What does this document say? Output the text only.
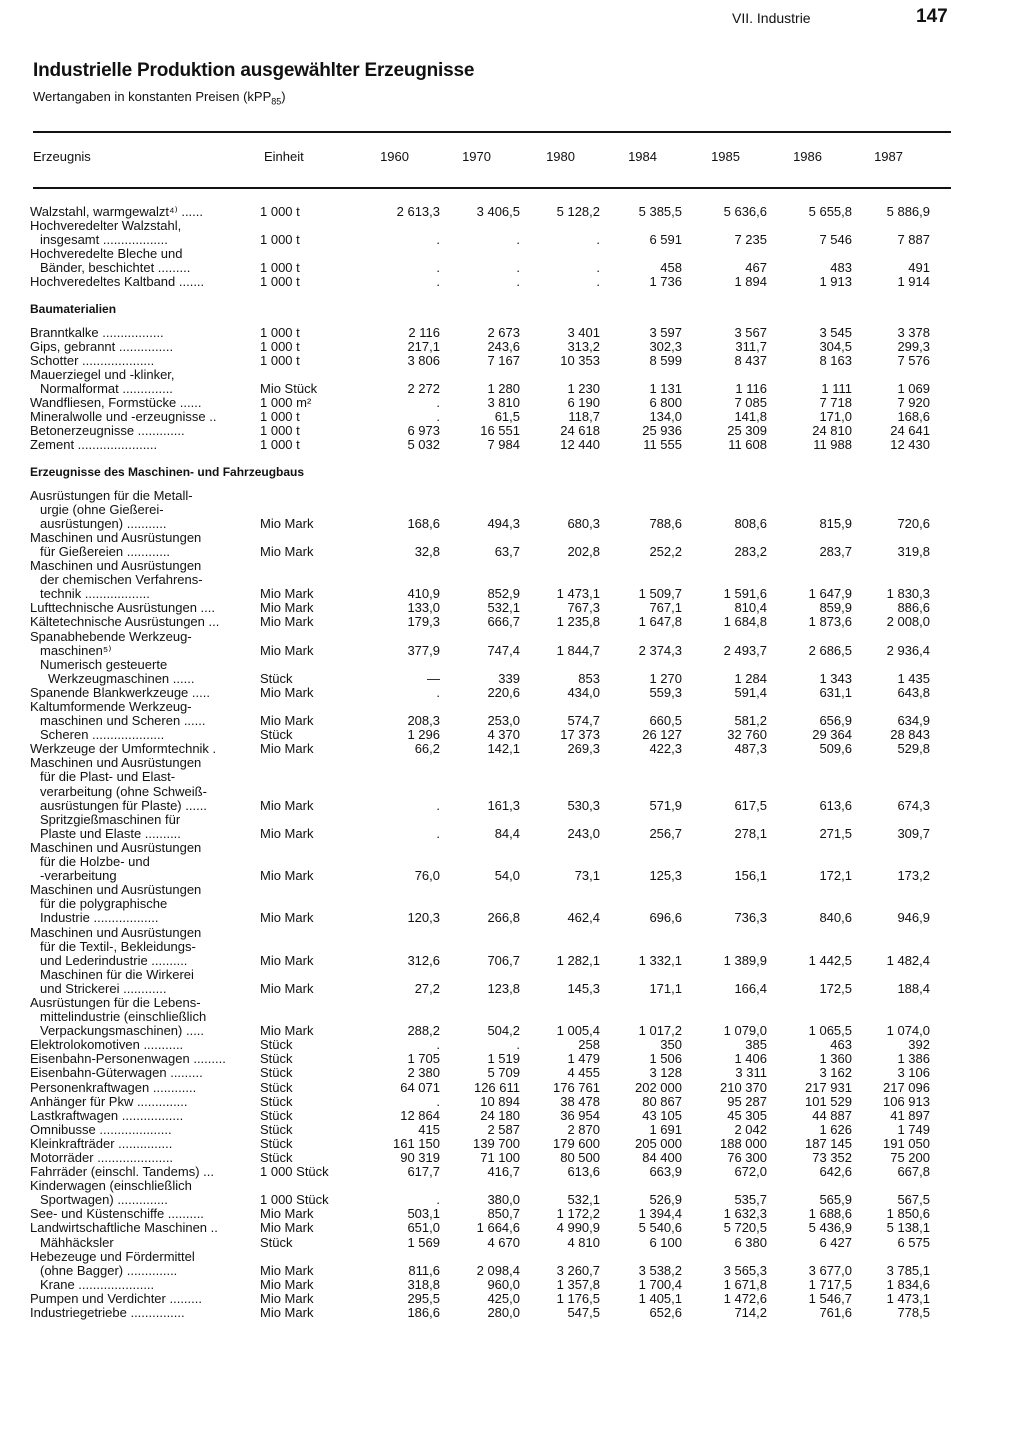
VII. Industrie	147
Industrielle Produktion ausgewählter Erzeugnisse
Wertangaben in konstanten Preisen (kPP$_{85}$)
Erzeugnis	Einheit	1960	1970	1980	1984	1985	1986	1987
Walzstahl, warmgewalzt⁴⁾ ......	1 000 t	2 613,3	3 406,5	5 128,2	5 385,5	5 636,6	5 655,8	5 886,9
Hochveredelter Walzstahl,								
insgesamt ..................	1 000 t	.	.	.	6 591	7 235	7 546	7 887
Hochveredelte Bleche und								
Bänder, beschichtet .........	1 000 t	.	.	.	458	467	483	491
Hochveredeltes Kaltband .......	1 000 t	.	.	.	1 736	1 894	1 913	1 914
Baumaterialien								
Branntkalke .................	1 000 t	2 116	2 673	3 401	3 597	3 567	3 545	3 378
Gips, gebrannt ...............	1 000 t	217,1	243,6	313,2	302,3	311,7	304,5	299,3
Schotter ....................	1 000 t	3 806	7 167	10 353	8 599	8 437	8 163	7 576
Mauerziegel und -klinker,								
Normalformat ..............	Mio Stück	2 272	1 280	1 230	1 131	1 116	1 111	1 069
Wandfliesen, Formstücke ......	1 000 m²	.	3 810	6 190	6 800	7 085	7 718	7 920
Mineralwolle und -erzeugnisse ..	1 000 t	.	61,5	118,7	134,0	141,8	171,0	168,6
Betonerzeugnisse .............	1 000 t	6 973	16 551	24 618	25 936	25 309	24 810	24 641
Zement ......................	1 000 t	5 032	7 984	12 440	11 555	11 608	11 988	12 430
Erzeugnisse des Maschinen- und Fahrzeugbaus								
Ausrüstungen für die Metall-								
urgie (ohne Gießerei-								
ausrüstungen) ...........	Mio Mark	168,6	494,3	680,3	788,6	808,6	815,9	720,6
Maschinen und Ausrüstungen								
für Gießereien ............	Mio Mark	32,8	63,7	202,8	252,2	283,2	283,7	319,8
Maschinen und Ausrüstungen								
der chemischen Verfahrens-								
technik ..................	Mio Mark	410,9	852,9	1 473,1	1 509,7	1 591,6	1 647,9	1 830,3
Lufttechnische Ausrüstungen ....	Mio Mark	133,0	532,1	767,3	767,1	810,4	859,9	886,6
Kältetechnische Ausrüstungen ...	Mio Mark	179,3	666,7	1 235,8	1 647,8	1 684,8	1 873,6	2 008,0
Spanabhebende Werkzeug-								
maschinen⁵⁾	Mio Mark	377,9	747,4	1 844,7	2 374,3	2 493,7	2 686,5	2 936,4
Numerisch gesteuerte								
Werkzeugmaschinen ......	Stück	—	339	853	1 270	1 284	1 343	1 435
Spanende Blankwerkzeuge .....	Mio Mark	.	220,6	434,0	559,3	591,4	631,1	643,8
Kaltumformende Werkzeug-								
maschinen und Scheren ......	Mio Mark	208,3	253,0	574,7	660,5	581,2	656,9	634,9
Scheren ....................	Stück	1 296	4 370	17 373	26 127	32 760	29 364	28 843
Werkzeuge der Umformtechnik .	Mio Mark	66,2	142,1	269,3	422,3	487,3	509,6	529,8
Maschinen und Ausrüstungen								
für die Plast- und Elast-								
verarbeitung (ohne Schweiß-								
ausrüstungen für Plaste) ......	Mio Mark	.	161,3	530,3	571,9	617,5	613,6	674,3
Spritzgießmaschinen für								
Plaste und Elaste ..........	Mio Mark	.	84,4	243,0	256,7	278,1	271,5	309,7
Maschinen und Ausrüstungen								
für die Holzbe- und								
-verarbeitung	Mio Mark	76,0	54,0	73,1	125,3	156,1	172,1	173,2
Maschinen und Ausrüstungen								
für die polygraphische								
Industrie ..................	Mio Mark	120,3	266,8	462,4	696,6	736,3	840,6	946,9
Maschinen und Ausrüstungen								
für die Textil-, Bekleidungs-								
und Lederindustrie ..........	Mio Mark	312,6	706,7	1 282,1	1 332,1	1 389,9	1 442,5	1 482,4
Maschinen für die Wirkerei								
und Strickerei ............	Mio Mark	27,2	123,8	145,3	171,1	166,4	172,5	188,4
Ausrüstungen für die Lebens-								
mittelindustrie (einschließlich								
Verpackungsmaschinen) .....	Mio Mark	288,2	504,2	1 005,4	1 017,2	1 079,0	1 065,5	1 074,0
Elektrolokomotiven ...........	Stück	.	.	258	350	385	463	392
Eisenbahn-Personenwagen .........	Stück	1 705	1 519	1 479	1 506	1 406	1 360	1 386
Eisenbahn-Güterwagen .........	Stück	2 380	5 709	4 455	3 128	3 311	3 162	3 106
Personenkraftwagen ............	Stück	64 071	126 611	176 761	202 000	210 370	217 931	217 096
Anhänger für Pkw ..............	Stück	.	10 894	38 478	80 867	95 287	101 529	106 913
Lastkraftwagen .................	Stück	12 864	24 180	36 954	43 105	45 305	44 887	41 897
Omnibusse ....................	Stück	415	2 587	2 870	1 691	2 042	1 626	1 749
Kleinkrafträder ...............	Stück	161 150	139 700	179 600	205 000	188 000	187 145	191 050
Motorräder .....................	Stück	90 319	71 100	80 500	84 400	76 300	73 352	75 200
Fahrräder (einschl. Tandems) ...	1 000 Stück	617,7	416,7	613,6	663,9	672,0	642,6	667,8
Kinderwagen (einschließlich								
Sportwagen) ..............	1 000 Stück	.	380,0	532,1	526,9	535,7	565,9	567,5
See- und Küstenschiffe ..........	Mio Mark	503,1	850,7	1 172,2	1 394,4	1 632,3	1 688,6	1 850,6
Landwirtschaftliche Maschinen ..	Mio Mark	651,0	1 664,6	4 990,9	5 540,6	5 720,5	5 436,9	5 138,1
Mähhäcksler	Stück	1 569	4 670	4 810	6 100	6 380	6 427	6 575
Hebezeuge und Fördermittel								
(ohne Bagger) ..............	Mio Mark	811,6	2 098,4	3 260,7	3 538,2	3 565,3	3 677,0	3 785,1
Krane .....................	Mio Mark	318,8	960,0	1 357,8	1 700,4	1 671,8	1 717,5	1 834,6
Pumpen und Verdichter .........	Mio Mark	295,5	425,0	1 176,5	1 405,1	1 472,6	1 546,7	1 473,1
Industriegetriebe ...............	Mio Mark	186,6	280,0	547,5	652,6	714,2	761,6	778,5
